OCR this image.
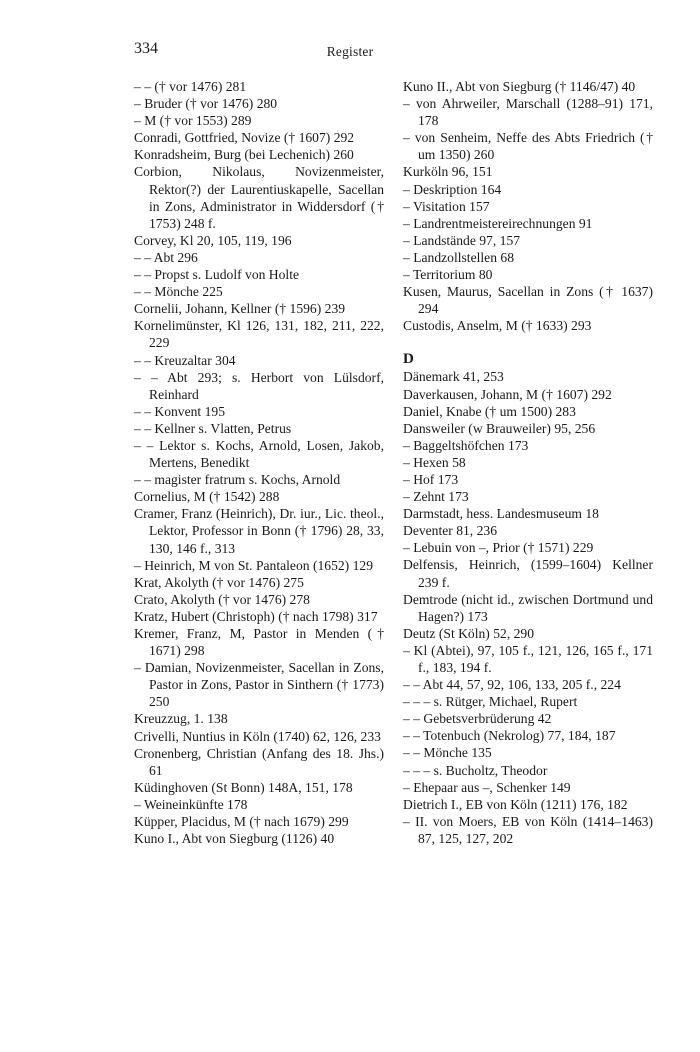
334	Register
– – († vor 1476) 281
– Bruder († vor 1476) 280
– M († vor 1553) 289
Conradi, Gottfried, Novize († 1607) 292
Konradsheim, Burg (bei Lechenich) 260
Corbion, Nikolaus, Novizenmeister, Rektor(?) der Laurentiuskapelle, Sacellan in Zons, Administrator in Widdersdorf († 1753) 248 f.
Corvey, Kl 20, 105, 119, 196
– – Abt 296
– – Propst s. Ludolf von Holte
– – Mönche 225
Cornelii, Johann, Kellner († 1596) 239
Kornelimünster, Kl 126, 131, 182, 211, 222, 229
– – Kreuzaltar 304
– – Abt 293; s. Herbort von Lülsdorf, Reinhard
– – Konvent 195
– – Kellner s. Vlatten, Petrus
– – Lektor s. Kochs, Arnold, Losen, Jakob, Mertens, Benedikt
– – magister fratrum s. Kochs, Arnold
Cornelius, M († 1542) 288
Cramer, Franz (Heinrich), Dr. iur., Lic. theol., Lektor, Professor in Bonn († 1796) 28, 33, 130, 146 f., 313
– Heinrich, M von St. Pantaleon (1652) 129
Krat, Akolyth († vor 1476) 275
Crato, Akolyth († vor 1476) 278
Kratz, Hubert (Christoph) († nach 1798) 317
Kremer, Franz, M, Pastor in Menden († 1671) 298
– Damian, Novizenmeister, Sacellan in Zons, Pastor in Zons, Pastor in Sinthern († 1773) 250
Kreuzzug, 1. 138
Crivelli, Nuntius in Köln (1740) 62, 126, 233
Cronenberg, Christian (Anfang des 18. Jhs.) 61
Küdinghoven (St Bonn) 148A, 151, 178
– Weineinkünfte 178
Küpper, Placidus, M († nach 1679) 299
Kuno I., Abt von Siegburg (1126) 40
Kuno II., Abt von Siegburg († 1146/47) 40
– von Ahrweiler, Marschall (1288–91) 171, 178
– von Senheim, Neffe des Abts Friedrich († um 1350) 260
Kurköln 96, 151
– Deskription 164
– Visitation 157
– Landrentmeistereirechnungen 91
– Landstände 97, 157
– Landzollstellen 68
– Territorium 80
Kusen, Maurus, Sacellan in Zons († 1637) 294
Custodis, Anselm, M († 1633) 293
D
Dänemark 41, 253
Daverkausen, Johann, M († 1607) 292
Daniel, Knabe († um 1500) 283
Dansweiler (w Brauweiler) 95, 256
– Baggeltshöfchen 173
– Hexen 58
– Hof 173
– Zehnt 173
Darmstadt, hess. Landesmuseum 18
Deventer 81, 236
– Lebuin von –, Prior († 1571) 229
Delfensis, Heinrich, (1599–1604) Kellner 239 f.
Demtrode (nicht id., zwischen Dortmund und Hagen?) 173
Deutz (St Köln) 52, 290
– Kl (Abtei), 97, 105 f., 121, 126, 165 f., 171 f., 183, 194 f.
– – Abt 44, 57, 92, 106, 133, 205 f., 224
– – – s. Rütger, Michael, Rupert
– – Gebetsverbrüderung 42
– – Totenbuch (Nekrolog) 77, 184, 187
– – Mönche 135
– – – s. Bucholtz, Theodor
– Ehepaar aus –, Schenker 149
Dietrich I., EB von Köln (1211) 176, 182
– II. von Moers, EB von Köln (1414–1463) 87, 125, 127, 202
